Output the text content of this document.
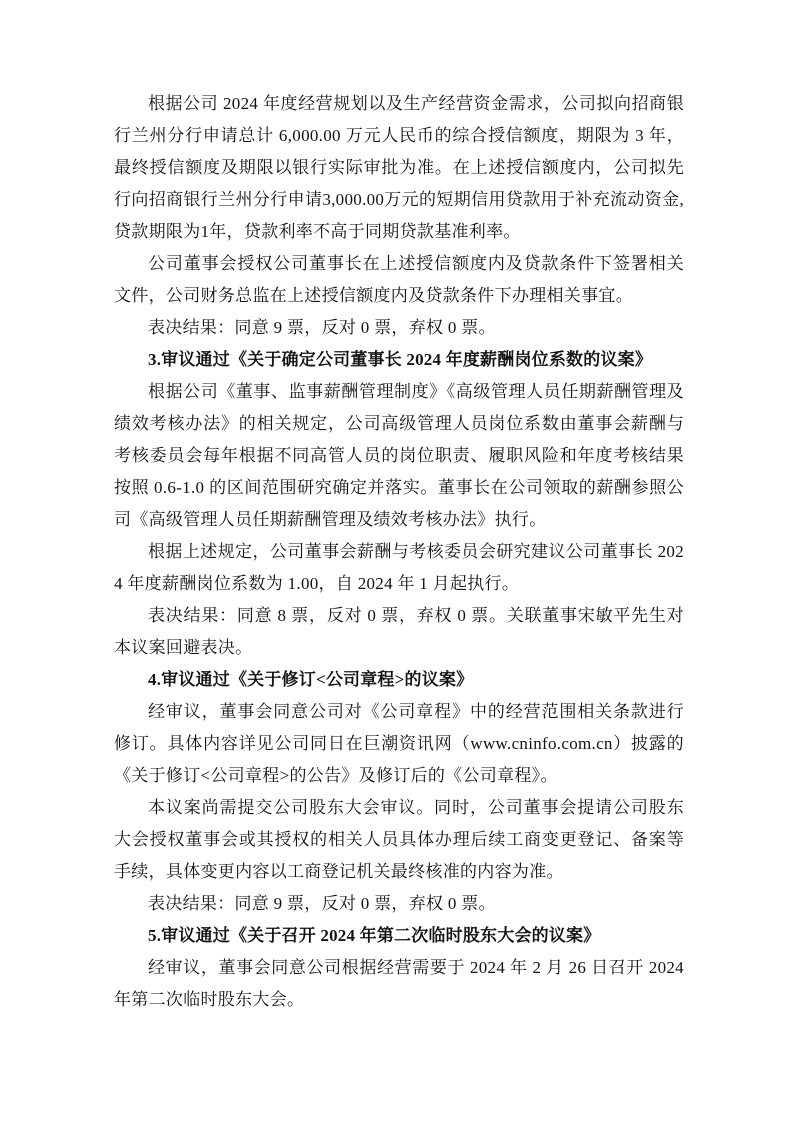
根据公司 2024 年度经营规划以及生产经营资金需求，公司拟向招商银行兰州分行申请总计 6,000.00 万元人民币的综合授信额度，期限为 3 年，最终授信额度及期限以银行实际审批为准。在上述授信额度内，公司拟先行向招商银行兰州分行申请3,000.00万元的短期信用贷款用于补充流动资金,贷款期限为1年，贷款利率不高于同期贷款基准利率。

公司董事会授权公司董事长在上述授信额度内及贷款条件下签署相关文件，公司财务总监在上述授信额度内及贷款条件下办理相关事宜。

表决结果：同意 9 票，反对 0 票，弃权 0 票。

3.审议通过《关于确定公司董事长 2024 年度薪酬岗位系数的议案》

根据公司《董事、监事薪酬管理制度》《高级管理人员任期薪酬管理及绩效考核办法》的相关规定，公司高级管理人员岗位系数由董事会薪酬与考核委员会每年根据不同高管人员的岗位职责、履职风险和年度考核结果按照 0.6-1.0 的区间范围研究确定并落实。董事长在公司领取的薪酬参照公司《高级管理人员任期薪酬管理及绩效考核办法》执行。

根据上述规定，公司董事会薪酬与考核委员会研究建议公司董事长 2024 年度薪酬岗位系数为 1.00，自 2024 年 1 月起执行。

表决结果：同意 8 票，反对 0 票，弃权 0 票。关联董事宋敏平先生对本议案回避表决。

4.审议通过《关于修订<公司章程>的议案》

经审议，董事会同意公司对《公司章程》中的经营范围相关条款进行修订。具体内容详见公司同日在巨潮资讯网（www.cninfo.com.cn）披露的《关于修订<公司章程>的公告》及修订后的《公司章程》。

本议案尚需提交公司股东大会审议。同时，公司董事会提请公司股东大会授权董事会或其授权的相关人员具体办理后续工商变更登记、备案等手续，具体变更内容以工商登记机关最终核准的内容为准。

表决结果：同意 9 票，反对 0 票，弃权 0 票。

5.审议通过《关于召开 2024 年第二次临时股东大会的议案》

经审议，董事会同意公司根据经营需要于 2024 年 2 月 26 日召开 2024 年第二次临时股东大会。
